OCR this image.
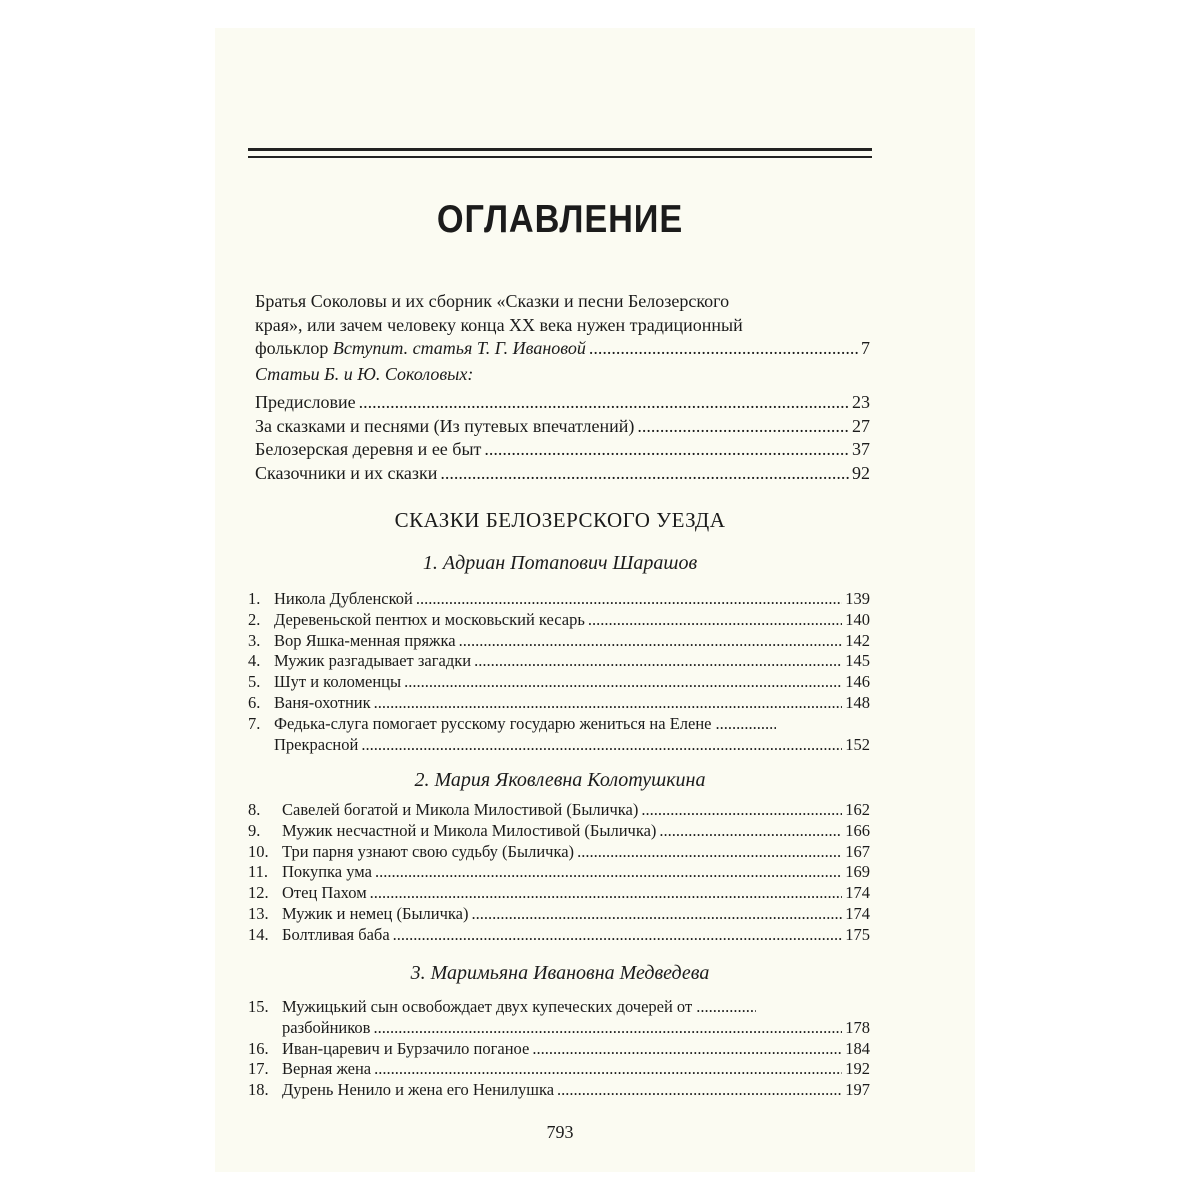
ОГЛАВЛЕНИЕ
Братья Соколовы и их сборник «Сказки и песни Белозерского
края», или зачем человеку конца XX века нужен традиционный
фольклор Вступит. статья Т. Г. Ивановой .....	7
Статьи Б. и Ю. Соколовых:
Предисловие .....	23
За сказками и песнями (Из путевых впечатлений) .....	27
Белозерская деревня и ее быт .....	37
Сказочники и их сказки .....	92
СКАЗКИ БЕЛОЗЕРСКОГО УЕЗДА
1. Адриан Потапович Шарашов
1. Никола Дубленской .....	139
2. Деревеньской пентюх и московьский кесарь .....	140
3. Вор Яшка-менная пряжка .....	142
4. Мужик разгадывает загадки .....	145
5. Шут и коломенцы .....	146
6. Ваня-охотник .....	148
7. Федька-слуга помогает русскому государю жениться на Елене
.....
Прекрасной .....	152
2. Мария Яковлевна Колотушкина
8. Савелей богатой и Микола Милостивой (Быличка) .....	162
9. Мужик несчастной и Микола Милостивой (Быличка) .....	166
10. Три парня узнают свою судьбу (Быличка) .....	167
11. Покупка ума .....	169
12. Отец Пахом .....	174
13. Мужик и немец (Быличка) .....	174
14. Болтливая баба .....	175
3. Маримьяна Ивановна Медведева
15. Мужицький сын освобождает двух купеческих дочерей от
.....
разбойников .....	178
16. Иван-царевич и Бурзачило поганое .....	184
17. Верная жена .....	192
18. Дурень Ненило и жена его Ненилушка .....	197
793
